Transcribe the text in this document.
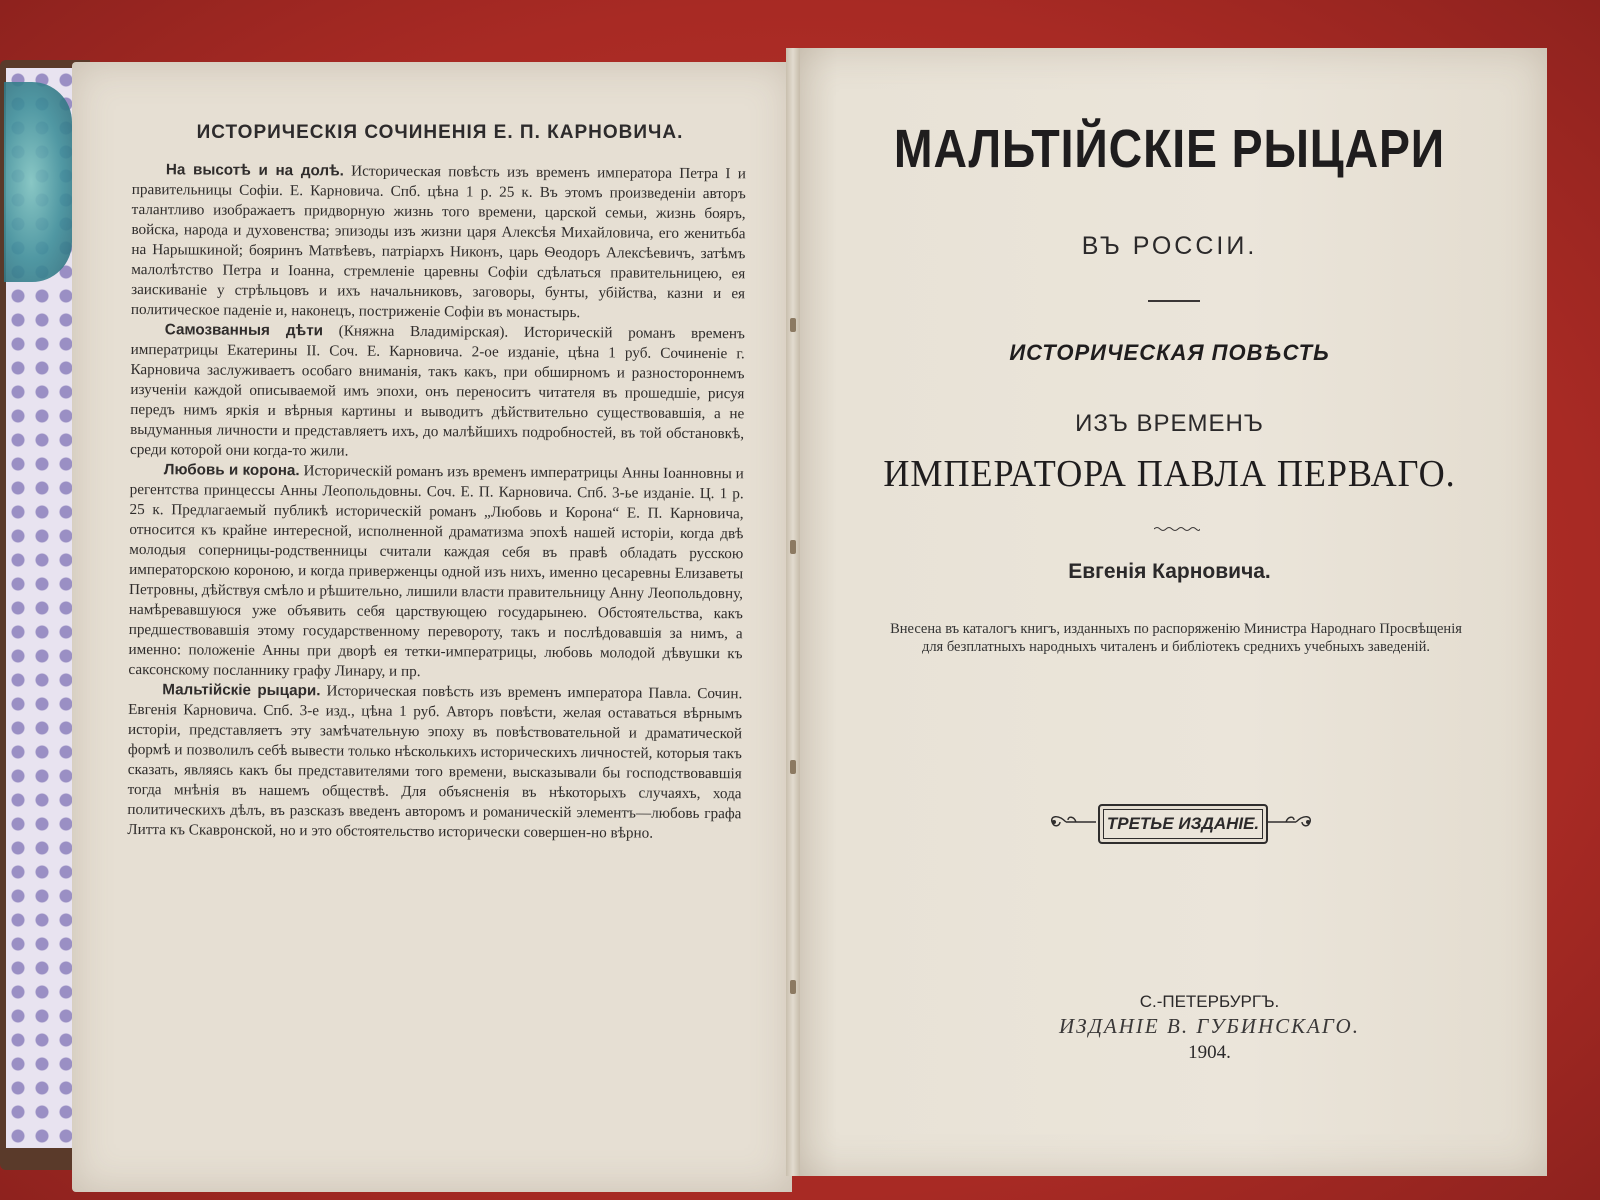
ИСТОРИЧЕСКІЯ СОЧИНЕНІЯ Е. П. КАРНОВИЧА.

На высотѣ и на долѣ. Историческая повѣсть изъ временъ императора Петра I и правительницы Софіи. Е. Карновича. Спб. цѣна 1 р. 25 к. Въ этомъ произведеніи авторъ талантливо изображаетъ придворную жизнь того времени, царской семьи, жизнь бояръ, войска, народа и духовенства; эпизоды изъ жизни царя Алексѣя Михайловича, его женитьба на Нарышкиной; бояринъ Матвѣевъ, патріархъ Никонъ, царь Ѳеодоръ Алексѣевичъ, затѣмъ малолѣтство Петра и Іоанна, стремленіе царевны Софіи сдѣлаться правительницею, ея заискиваніе у стрѣльцовъ и ихъ начальниковъ, заговоры, бунты, убійства, казни и ея политическое паденіе и, наконецъ, постриженіе Софіи въ монастырь.

Самозванныя дѣти (Княжна Владимірская). Историческій романъ временъ императрицы Екатерины II. Соч. Е. Карновича. 2-ое изданіе, цѣна 1 руб. Сочиненіе г. Карновича заслуживаетъ особаго вниманія, такъ какъ, при обширномъ и разностороннемъ изученіи каждой описываемой имъ эпохи, онъ переноситъ читателя въ прошедшіе, рисуя передъ нимъ яркія и вѣрныя картины и выводитъ дѣйствительно существовавшія, а не выдуманныя личности и представляетъ ихъ, до малѣйшихъ подробностей, въ той обстановкѣ, среди которой они когда-то жили.

Любовь и корона. Историческій романъ изъ временъ императрицы Анны Іоанновны и регентства принцессы Анны Леопольдовны. Соч. Е. П. Карновича. Спб. 3-ье изданіе. Ц. 1 р. 25 к. Предлагаемый публикѣ историческій романъ „Любовь и Корона“ Е. П. Карновича, относится къ крайне интересной, исполненной драматизма эпохѣ нашей исторіи, когда двѣ молодыя соперницы-родственницы считали каждая себя въ правѣ обладать русскою императорскою короною, и когда приверженцы одной изъ нихъ, именно цесаревны Елизаветы Петровны, дѣйствуя смѣло и рѣшительно, лишили власти правительницу Анну Леопольдовну, намѣревавшуюся уже объявить себя царствующею государынею. Обстоятельства, какъ предшествовавшія этому государственному перевороту, такъ и послѣдовавшія за нимъ, а именно: положеніе Анны при дворѣ ея тетки-императрицы, любовь молодой дѣвушки къ саксонскому посланнику графу Линару, и пр.

Мальтійскіе рыцари. Историческая повѣсть изъ временъ императора Павла. Сочин. Евгенія Карновича. Спб. 3-е изд., цѣна 1 руб. Авторъ повѣсти, желая оставаться вѣрнымъ исторіи, представляетъ эту замѣчательную эпоху въ повѣствовательной и драматической формѣ и позволилъ себѣ вывести только нѣсколькихъ историческихъ личностей, которыя такъ сказать, являясь какъ бы представителями того времени, высказывали бы господствовавшія тогда мнѣнія въ нашемъ обществѣ. Для объясненія въ нѣкоторыхъ случаяхъ, хода политическихъ дѣлъ, въ разсказъ введенъ авторомъ и романическій элементъ—любовь графа Литта къ Скавронской, но и это обстоятельство исторически совершен-но вѣрно.

МАЛЬТІЙСКІЕ РЫЦАРИ
ВЪ РОССІИ.
ИСТОРИЧЕСКАЯ ПОВѢСТЬ
ИЗЪ ВРЕМЕНЪ
ИМПЕРАТОРА ПАВЛА ПЕРВАГО.
Евгенія Карновича.
Внесена въ каталогъ книгъ, изданныхъ по распоряженію Министра Народнаго Просвѣщенія для безплатныхъ народныхъ читаленъ и библіотекъ среднихъ учебныхъ заведеній.
ТРЕТЬЕ ИЗДАНІЕ.
С.-ПЕТЕРБУРГЪ.
ИЗДАНІЕ В. ГУБИНСКАГО.
1904.
